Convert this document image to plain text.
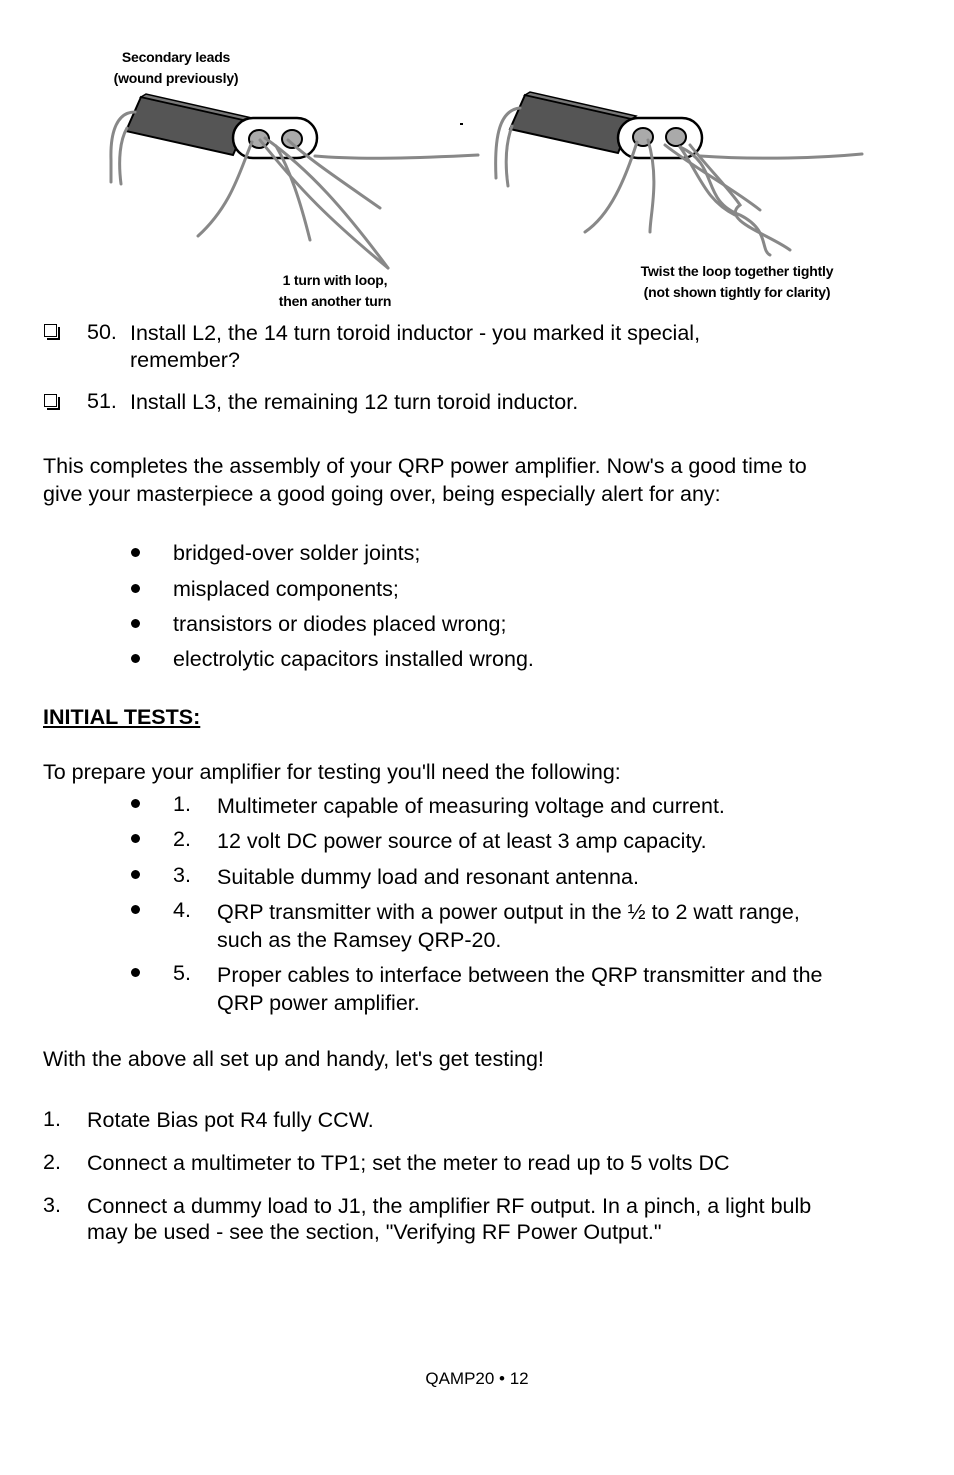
Secondary leads
(wound previously)
1 turn with loop,
then another turn
Twist the loop together tightly
(not shown tightly for clarity)
50. Install L2, the 14 turn toroid inductor - you marked it special,
remember?
51. Install L3, the remaining 12 turn toroid inductor.
This completes the assembly of your QRP power amplifier. Now's a good time to
give your masterpiece a good going over, being especially alert for any:
bridged-over solder joints;
misplaced components;
transistors or diodes placed wrong;
electrolytic capacitors installed wrong.
INITIAL TESTS:
To prepare your amplifier for testing you'll need the following:
1. Multimeter capable of measuring voltage and current.
2. 12 volt DC power source of at least 3 amp capacity.
3. Suitable dummy load and resonant antenna.
4. QRP transmitter with a power output in the ½ to 2 watt range,
such as the Ramsey QRP-20.
5. Proper cables to interface between the QRP transmitter and the
QRP power amplifier.
With the above all set up and handy, let's get testing!
1. Rotate Bias pot R4 fully CCW.
2. Connect a multimeter to TP1; set the meter to read up to 5 volts DC
3. Connect a dummy load to J1, the amplifier RF output. In a pinch, a light bulb
may be used - see the section, "Verifying RF Power Output."
QAMP20 • 12
